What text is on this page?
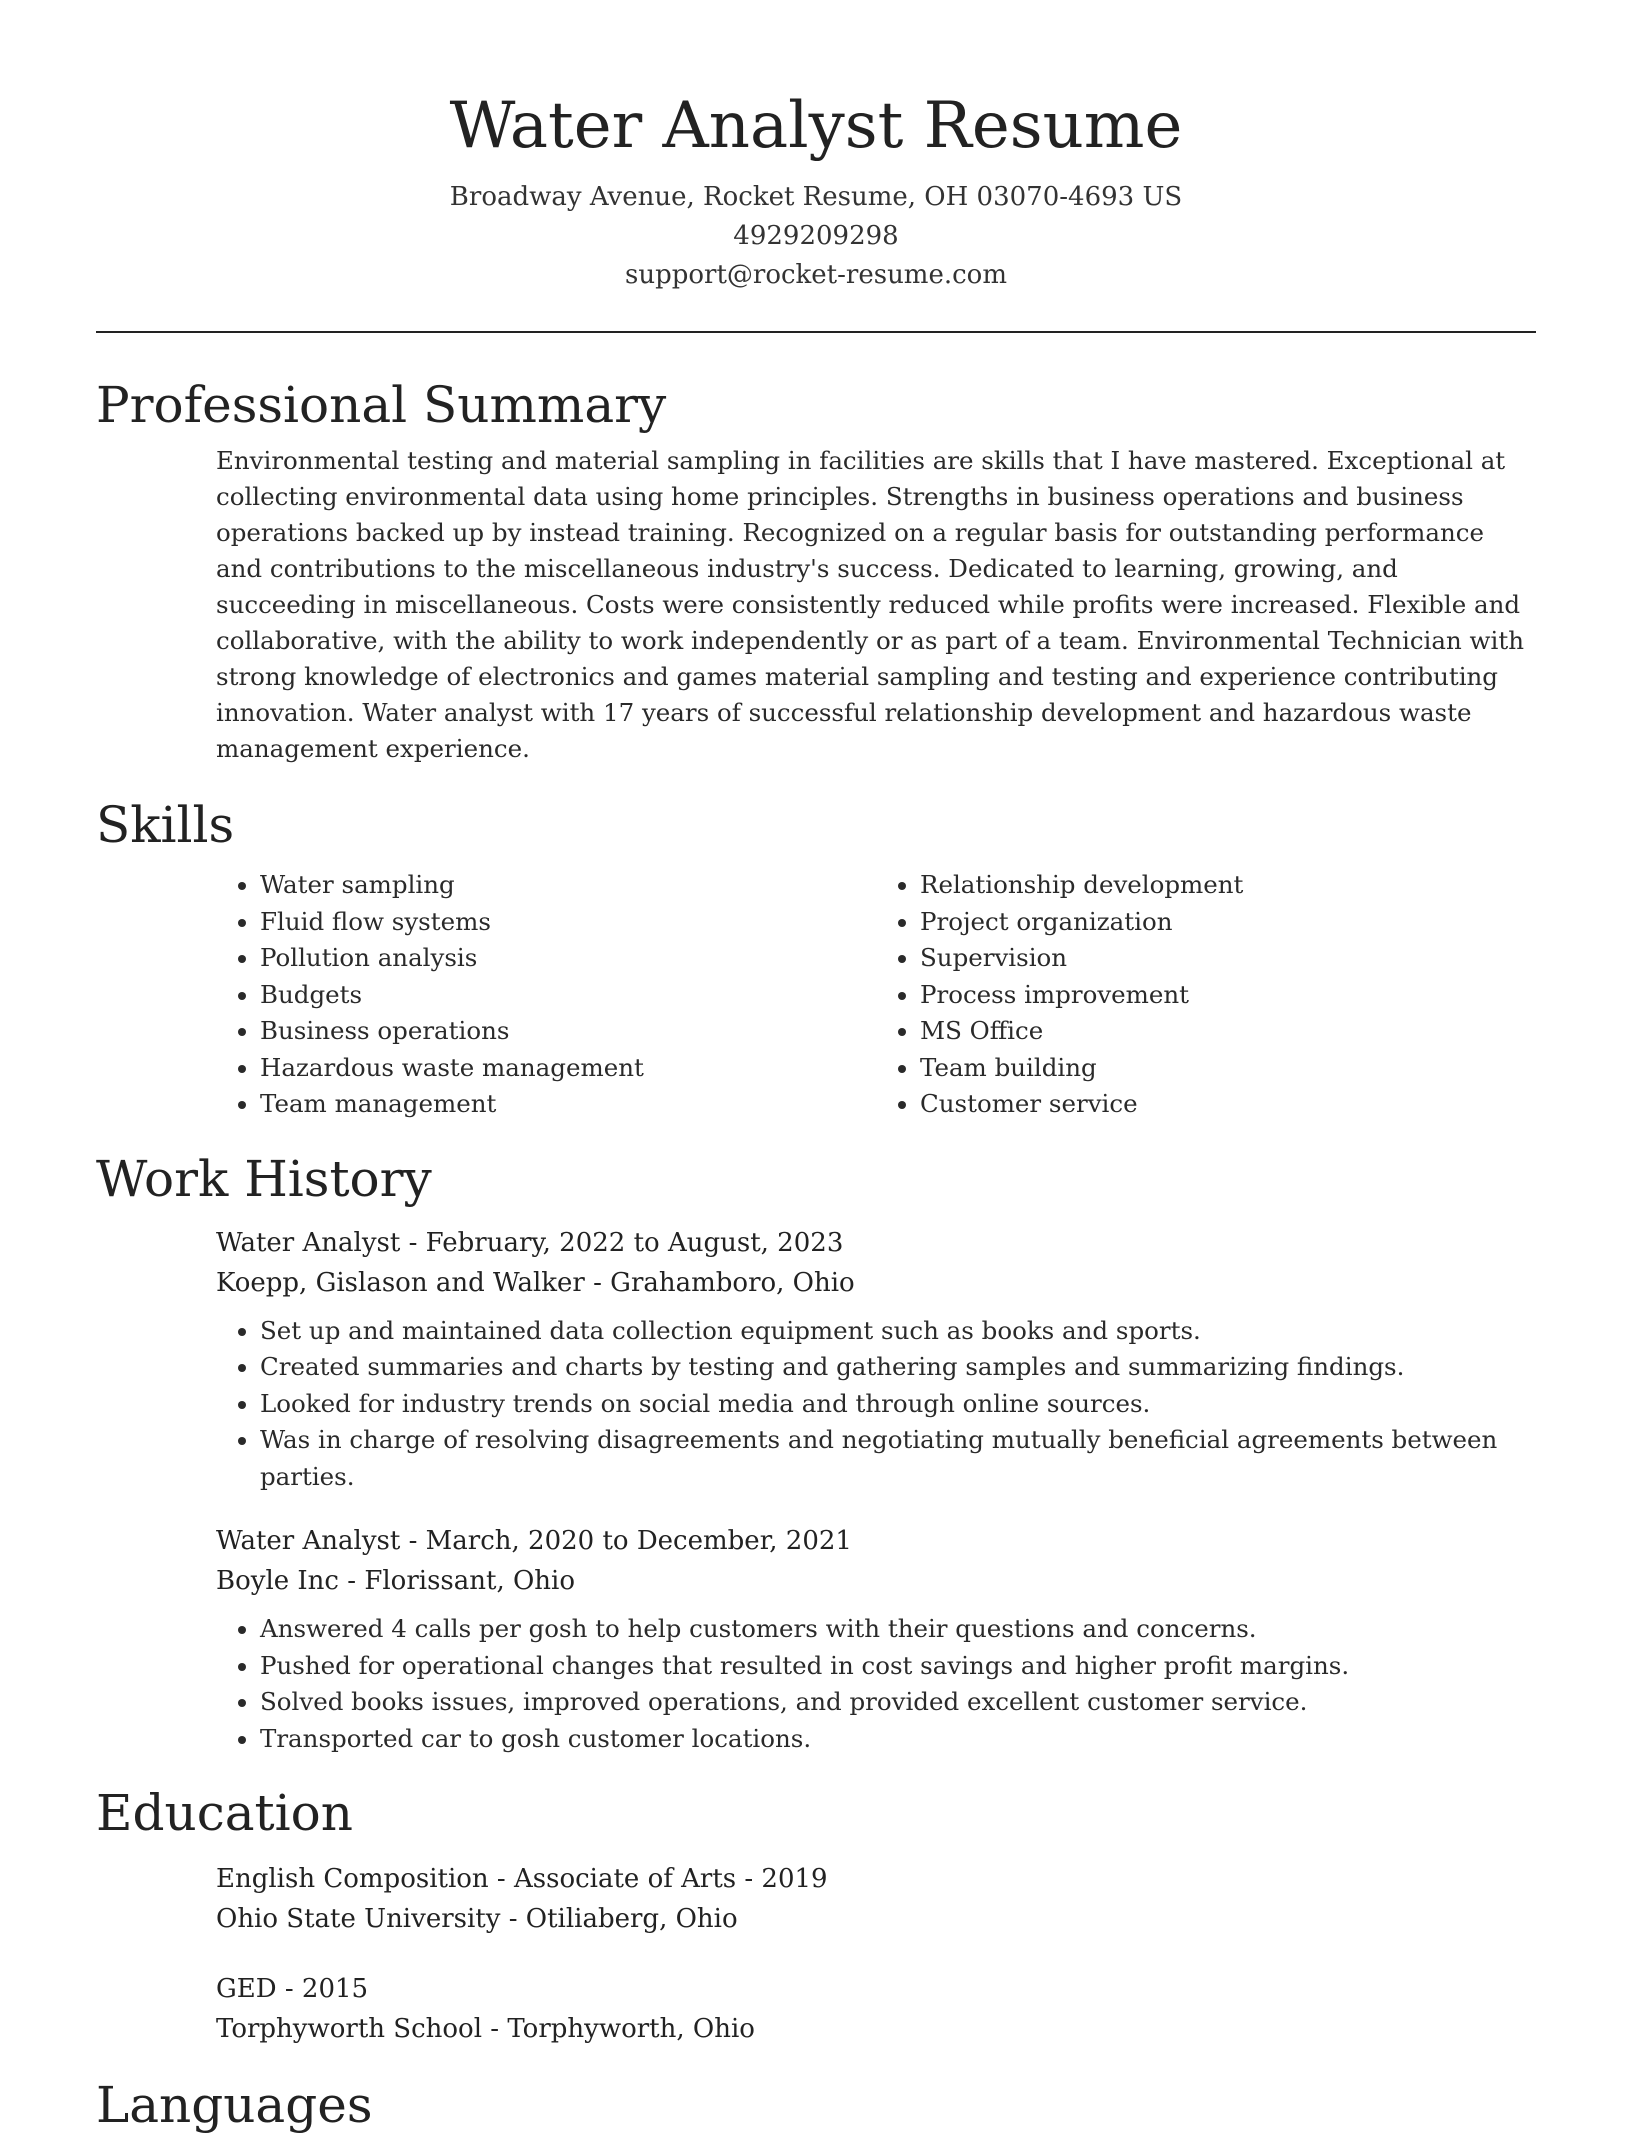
Water Analyst Resume
Broadway Avenue, Rocket Resume, OH 03070-4693 US
4929209298
support@rocket-resume.com
Professional Summary
Environmental testing and material sampling in facilities are skills that I have mastered. Exceptional at collecting environmental data using home principles. Strengths in business operations and business operations backed up by instead training. Recognized on a regular basis for outstanding performance and contributions to the miscellaneous industry's success. Dedicated to learning, growing, and succeeding in miscellaneous. Costs were consistently reduced while profits were increased. Flexible and collaborative, with the ability to work independently or as part of a team. Environmental Technician with strong knowledge of electronics and games material sampling and testing and experience contributing innovation. Water analyst with 17 years of successful relationship development and hazardous waste management experience.
Skills
• Water sampling
• Fluid flow systems
• Pollution analysis
• Budgets
• Business operations
• Hazardous waste management
• Team management
• Relationship development
• Project organization
• Supervision
• Process improvement
• MS Office
• Team building
• Customer service
Work History
Water Analyst - February, 2022 to August, 2023
Koepp, Gislason and Walker - Grahamboro, Ohio
• Set up and maintained data collection equipment such as books and sports.
• Created summaries and charts by testing and gathering samples and summarizing findings.
• Looked for industry trends on social media and through online sources.
• Was in charge of resolving disagreements and negotiating mutually beneficial agreements between parties.
Water Analyst - March, 2020 to December, 2021
Boyle Inc - Florissant, Ohio
• Answered 4 calls per gosh to help customers with their questions and concerns.
• Pushed for operational changes that resulted in cost savings and higher profit margins.
• Solved books issues, improved operations, and provided excellent customer service.
• Transported car to gosh customer locations.
Education
English Composition - Associate of Arts - 2019
Ohio State University - Otiliaberg, Ohio
GED - 2015
Torphyworth School - Torphyworth, Ohio
Languages
